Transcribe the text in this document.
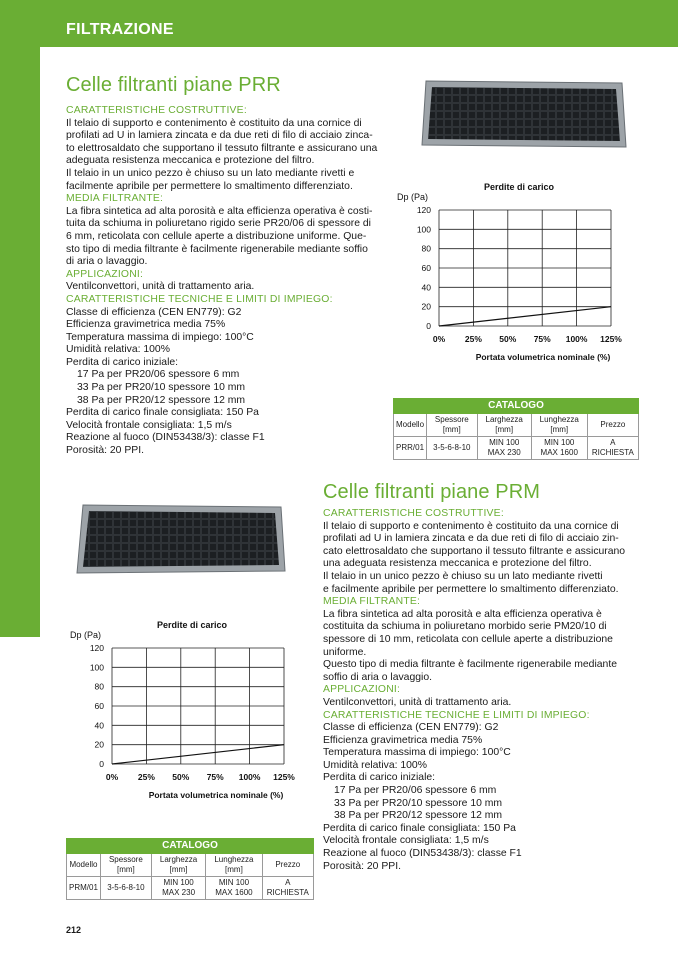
FILTRAZIONE
Celle filtranti piane PRR

CARATTERISTICHE COSTRUTTIVE:

Il telaio di supporto e contenimento è costituito da una cornice di

profilati ad U in lamiera zincata e da due reti di filo di acciaio zinca-

to elettrosaldato che supportano il tessuto filtrante e assicurano una

adeguata resistenza meccanica e protezione del filtro.

Il telaio in un unico pezzo è chiuso su un lato mediante rivetti e

facilmente apribile per permettere lo smaltimento differenziato.

MEDIA FILTRANTE:

La fibra sintetica ad alta porosità e alta efficienza operativa è costi-

tuita da schiuma in poliuretano rigido serie PR20/06 di spessore di

6 mm, reticolata con cellule aperte a distribuzione uniforme. Que-

sto tipo di media filtrante è facilmente rigenerabile mediante soffio

di aria o lavaggio.

APPLICAZIONI:

Ventilconvettori, unità di trattamento aria.

CARATTERISTICHE TECNICHE E LIMITI DI IMPIEGO:

Classe di efficienza (CEN EN779): G2

Efficienza gravimetrica media 75%

Temperatura massima di impiego: 100°C

Umidità relativa: 100%

Perdita di carico iniziale:

17 Pa per PR20/06 spessore 6 mm

33 Pa per PR20/10 spessore 10 mm

38 Pa per PR20/12 spessore 12 mm

Perdita di carico finale consigliata: 150 Pa

Velocità frontale consigliata: 1,5 m/s

Reazione al fuoco (DIN53438/3): classe F1

Porosità: 20 PPI.

Perdite di carico
Dp (Pa)
0% 25% 50% 75% 100% 125%
0
20
40
60
80
100
120
Portata volumetrica nominale (%)
CATALOGO				
Modello	Spessore [mm]	Larghezza [mm]	Lunghezza [mm]	Prezzo
PRR/01	3-5-6-8-10	MIN 100
MAX 230	MIN 100
MAX 1600	A RICHIESTA
Celle filtranti piane PRM

CARATTERISTICHE COSTRUTTIVE:

Il telaio di supporto e contenimento è costituito da una cornice di

profilati ad U in lamiera zincata e da due reti di filo di acciaio zin-

cato elettrosaldato che supportano il tessuto filtrante e assicurano

una adeguata resistenza meccanica e protezione del filtro.

Il telaio in un unico pezzo è chiuso su un lato mediante rivetti

e facilmente apribile per permettere lo smaltimento differenziato.

MEDIA FILTRANTE:

La fibra sintetica ad alta porosità e alta efficienza operativa è

costituita da schiuma in poliuretano morbido serie PM20/10 di

spessore di 10 mm, reticolata con cellule aperte a distribuzione

uniforme.

Questo tipo di media filtrante è facilmente rigenerabile mediante

soffio di aria o lavaggio.

APPLICAZIONI:

Ventilconvettori, unità di trattamento aria.

CARATTERISTICHE TECNICHE E LIMITI DI IMPIEGO:

Classe di efficienza (CEN EN779): G2

Efficienza gravimetrica media 75%

Temperatura massima di impiego: 100°C

Umidità relativa: 100%

Perdita di carico iniziale:

17 Pa per PR20/06 spessore 6 mm

33 Pa per PR20/10 spessore 10 mm

38 Pa per PR20/12 spessore 12 mm

Perdita di carico finale consigliata: 150 Pa

Velocità frontale consigliata: 1,5 m/s

Reazione al fuoco (DIN53438/3): classe F1

Porosità: 20 PPI.

Perdite di carico
Dp (Pa)
0% 25% 50% 75% 100% 125%
0
20
40
60
80
100
120
Portata volumetrica nominale (%)
CATALOGO				
Modello	Spessore [mm]	Larghezza [mm]	Lunghezza [mm]	Prezzo
PRM/01	3-5-6-8-10	MIN 100
MAX 230	MIN 100
MAX 1600	A RICHIESTA
212
